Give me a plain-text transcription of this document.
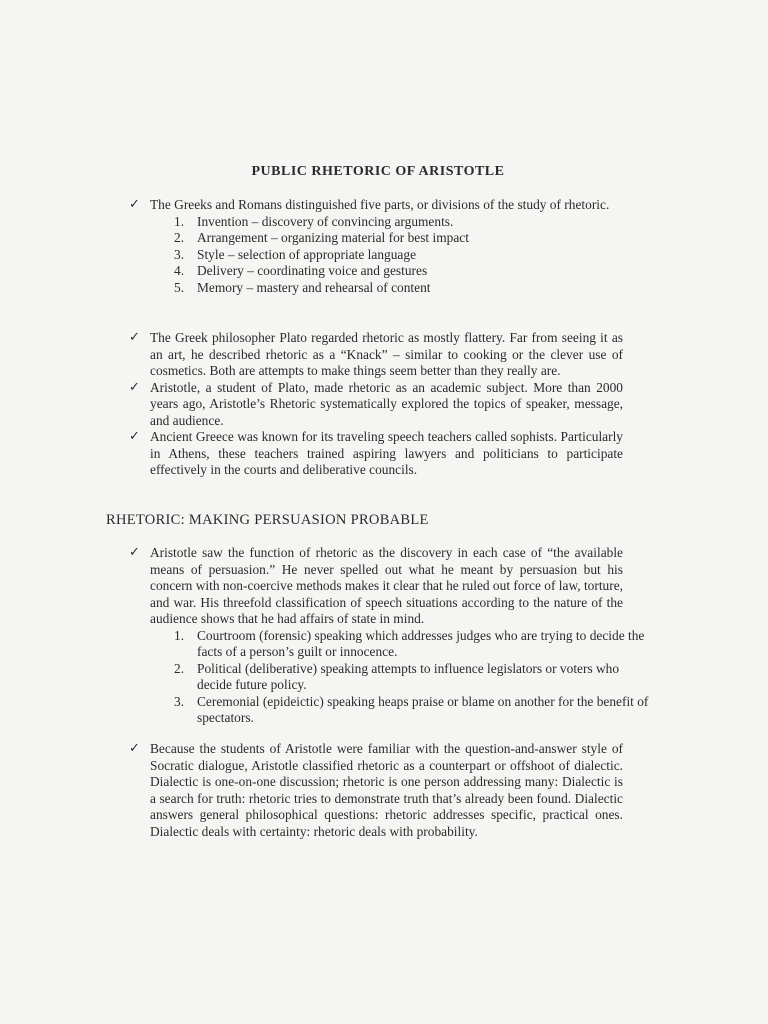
PUBLIC RHETORIC OF ARISTOTLE
✓ The Greeks and Romans distinguished five parts, or divisions of the study of rhetoric.
1. Invention – discovery of convincing arguments.
2. Arrangement – organizing material for best impact
3. Style – selection of appropriate language
4. Delivery – coordinating voice and gestures
5. Memory – mastery and rehearsal of content
✓ The Greek philosopher Plato regarded rhetoric as mostly flattery. Far from seeing it as an art, he described rhetoric as a “Knack” – similar to cooking or the clever use of cosmetics. Both are attempts to make things seem better than they really are.
✓ Aristotle, a student of Plato, made rhetoric as an academic subject. More than 2000 years ago, Aristotle’s Rhetoric systematically explored the topics of speaker, message, and audience.
✓ Ancient Greece was known for its traveling speech teachers called sophists. Particularly in Athens, these teachers trained aspiring lawyers and politicians to participate effectively in the courts and deliberative councils.
RHETORIC: MAKING PERSUASION PROBABLE
✓ Aristotle saw the function of rhetoric as the discovery in each case of “the available means of persuasion.” He never spelled out what he meant by persuasion but his concern with non-coercive methods makes it clear that he ruled out force of law, torture, and war. His threefold classification of speech situations according to the nature of the audience shows that he had affairs of state in mind.
1. Courtroom (forensic) speaking which addresses judges who are trying to decide the facts of a person’s guilt or innocence.
2. Political (deliberative) speaking attempts to influence legislators or voters who decide future policy.
3. Ceremonial (epideictic) speaking heaps praise or blame on another for the benefit of spectators.
✓ Because the students of Aristotle were familiar with the question-and-answer style of Socratic dialogue, Aristotle classified rhetoric as a counterpart or offshoot of dialectic. Dialectic is one-on-one discussion; rhetoric is one person addressing many: Dialectic is a search for truth: rhetoric tries to demonstrate truth that’s already been found. Dialectic answers general philosophical questions: rhetoric addresses specific, practical ones. Dialectic deals with certainty: rhetoric deals with probability.
